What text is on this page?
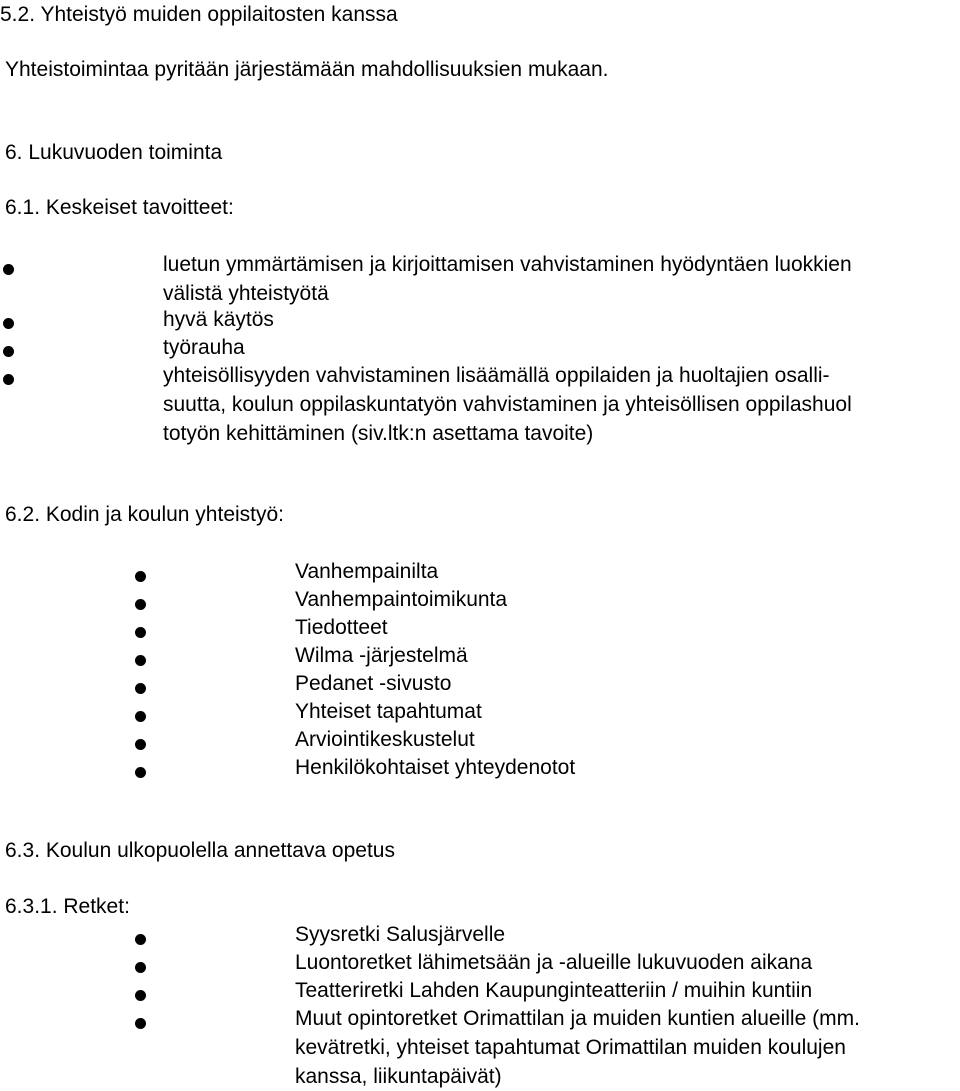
5.2. Yhteistyö muiden oppilaitosten kanssa
Yhteistoimintaa pyritään järjestämään mahdollisuuksien mukaan.
6. Lukuvuoden toiminta
6.1. Keskeiset tavoitteet:
luetun ymmärtämisen ja kirjoittamisen vahvistaminen hyödyntäen luokkien
välistä yhteistyötä
hyvä käytös
työrauha
yhteisöllisyyden vahvistaminen lisäämällä oppilaiden ja huoltajien osalli-
suutta, koulun oppilaskuntatyön vahvistaminen ja yhteisöllisen oppilashuol
totyön kehittäminen (siv.ltk:n asettama tavoite)
6.2. Kodin ja koulun yhteistyö:
Vanhempainilta
Vanhempaintoimikunta
Tiedotteet
Wilma -järjestelmä
Pedanet -sivusto
Yhteiset tapahtumat
Arviointikeskustelut
Henkilökohtaiset yhteydenotot
6.3. Koulun ulkopuolella annettava opetus
6.3.1. Retket:
Syysretki Salusjärvelle
Luontoretket lähimetsään ja -alueille lukuvuoden aikana
Teatteriretki Lahden Kaupunginteatteriin / muihin kuntiin
Muut opintoretket Orimattilan ja muiden kuntien alueille (mm.
kevätretki, yhteiset tapahtumat Orimattilan muiden koulujen
kanssa, liikuntapäivät)
